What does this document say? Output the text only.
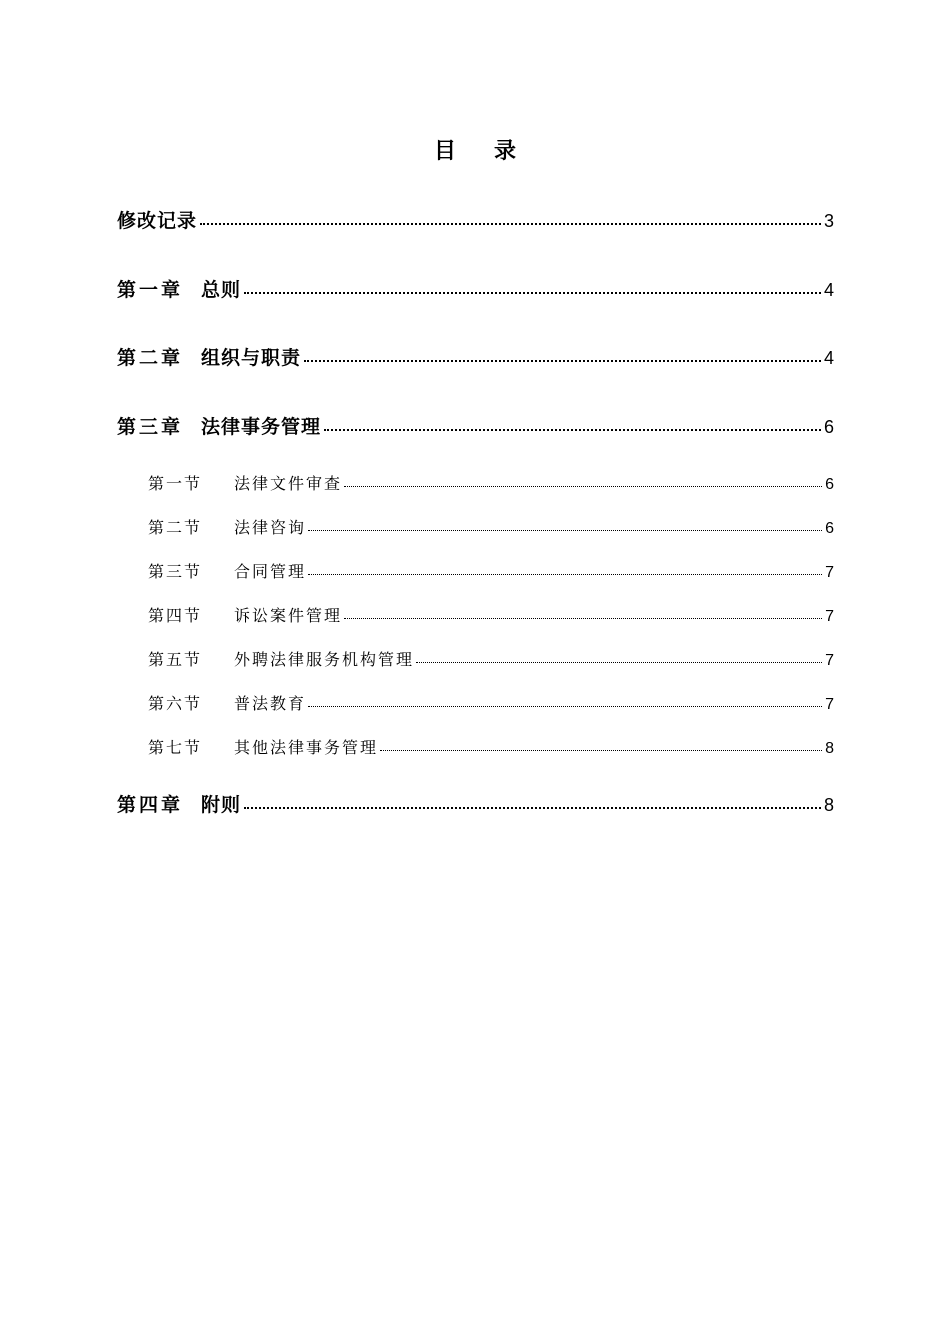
目录
修改记录	3
第一章 总则	4
第二章 组织与职责	4
第三章 法律事务管理	6
第一节	法律文件审查	6
第二节	法律咨询	6
第三节	合同管理	7
第四节	诉讼案件管理	7
第五节	外聘法律服务机构管理	7
第六节	普法教育	7
第七节	其他法律事务管理	8
第四章 附则	8
